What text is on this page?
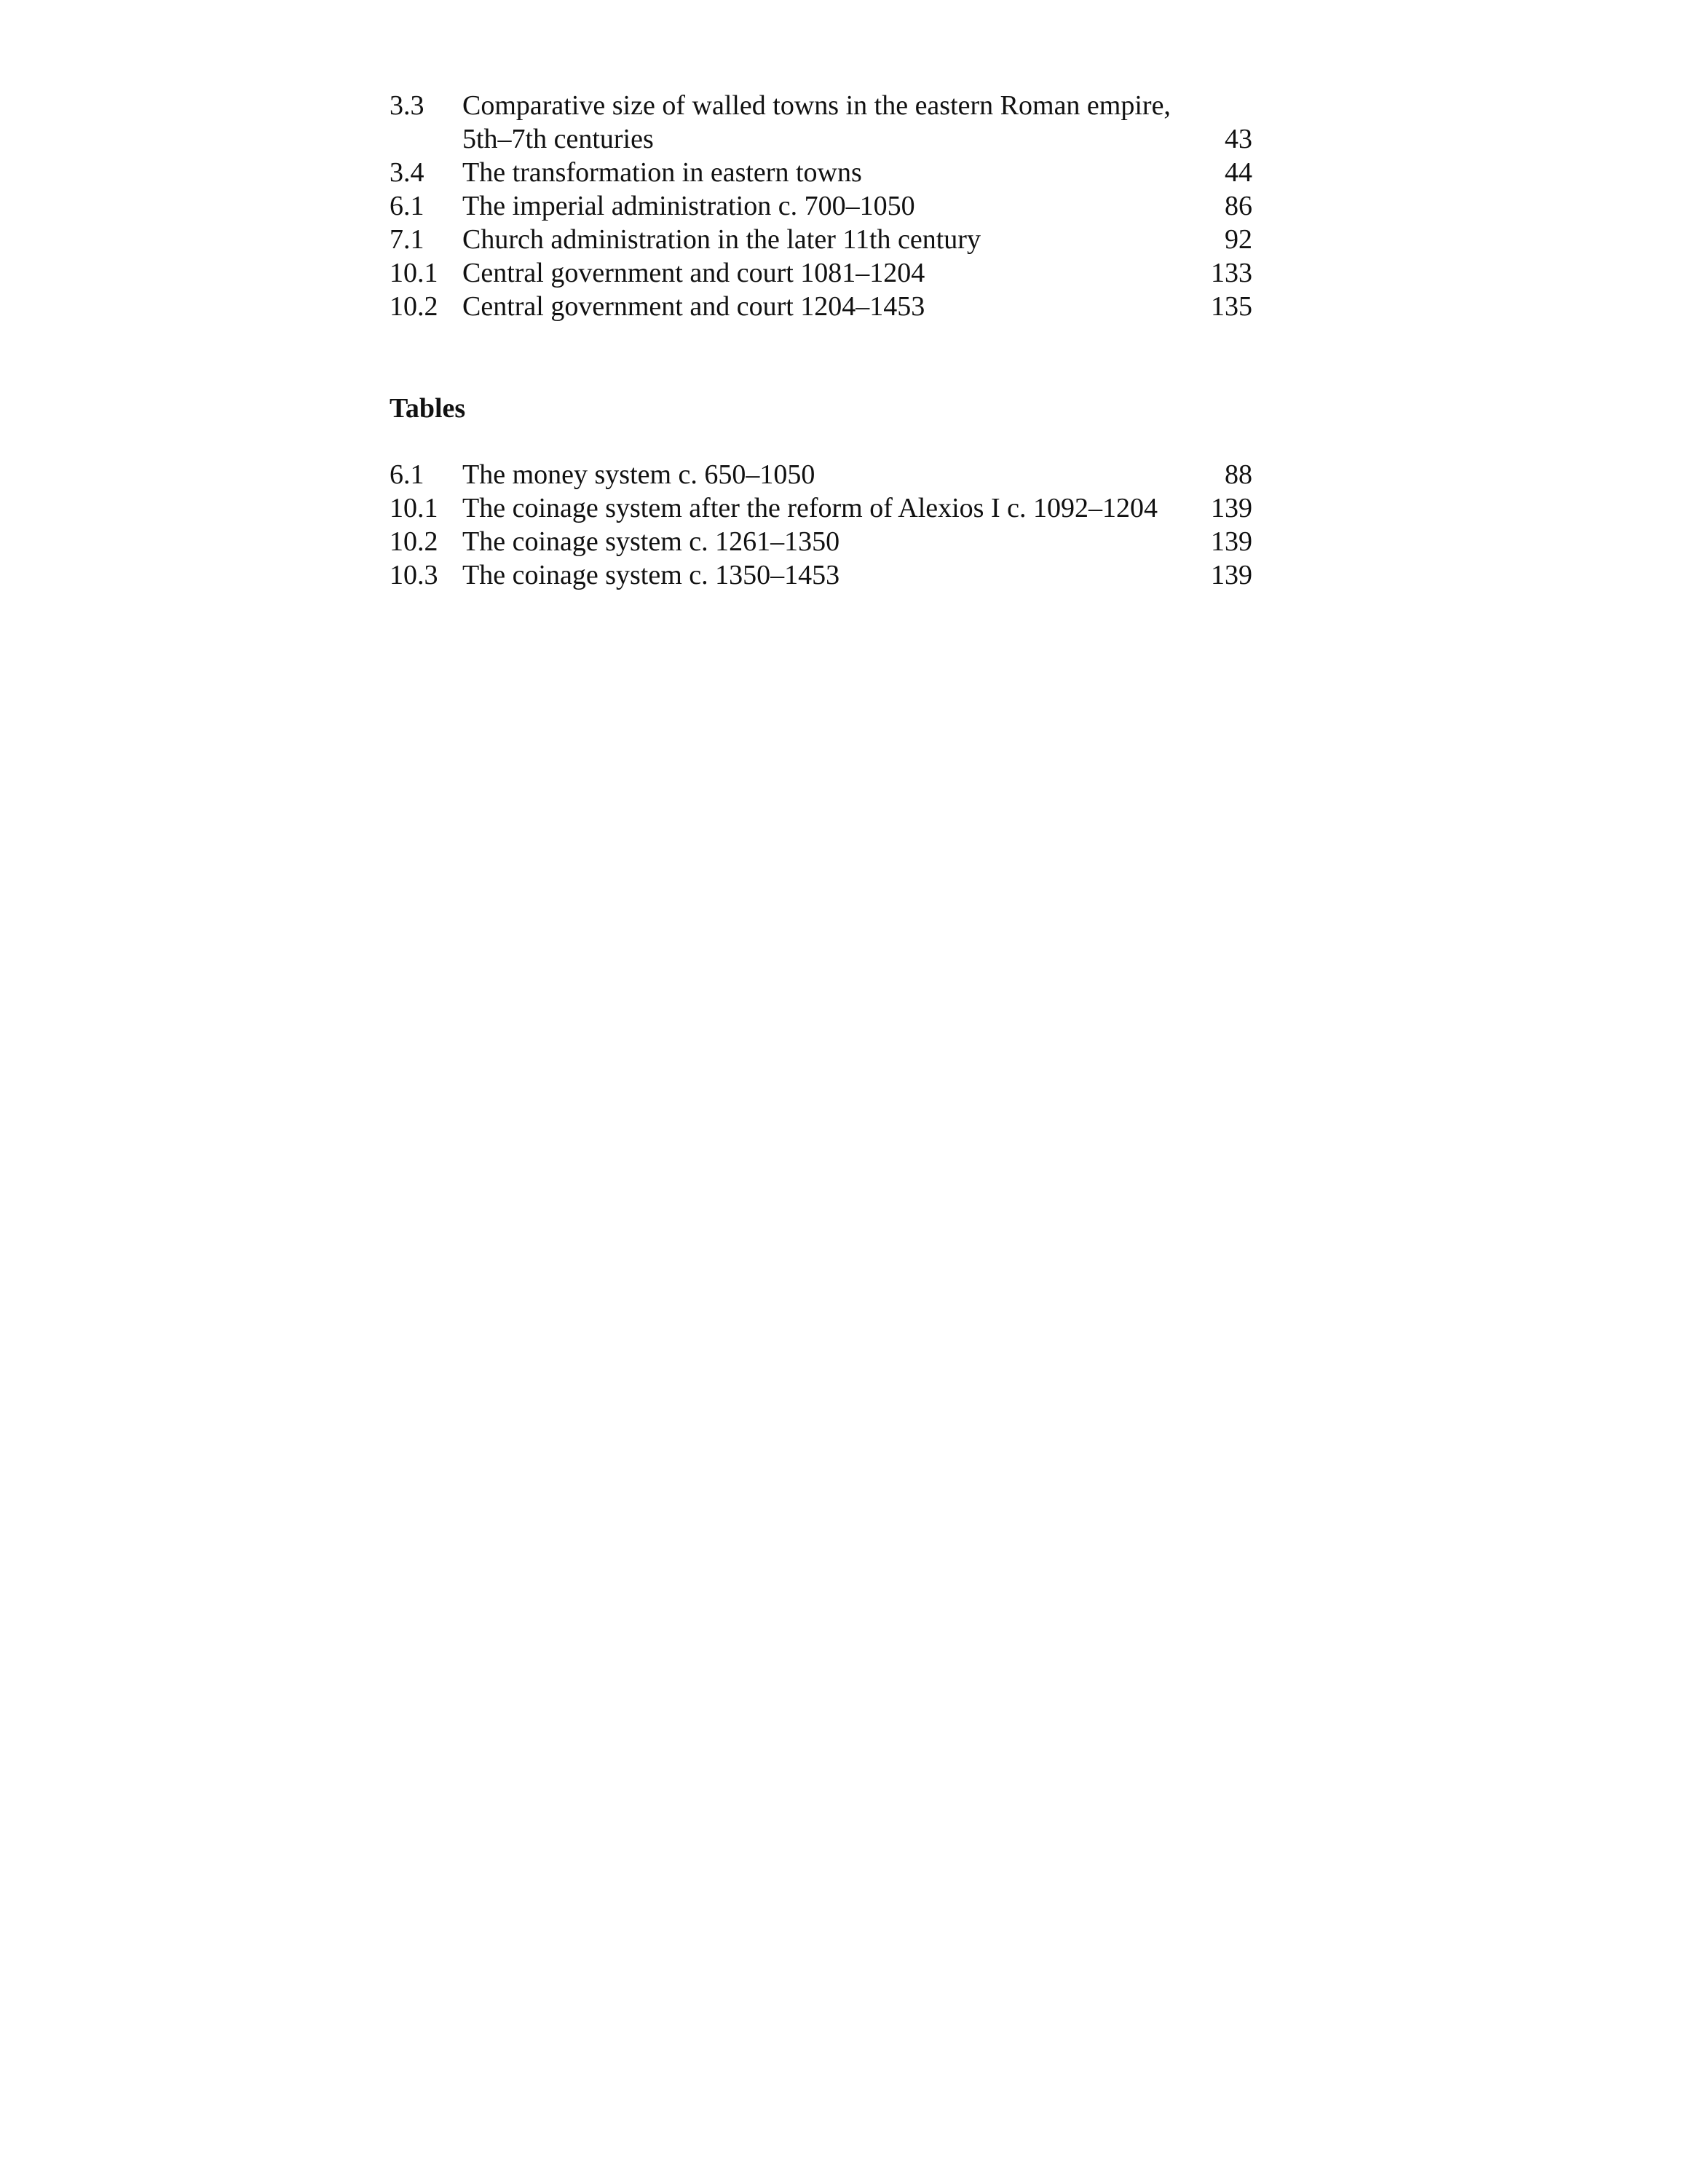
3.3	Comparative size of walled towns in the eastern Roman empire,
5th–7th centuries	43
3.4	The transformation in eastern towns	44
6.1	The imperial administration c. 700–1050	86
7.1	Church administration in the later 11th century	92
10.1 Central government and court 1081–1204	133
10.2 Central government and court 1204–1453	135
Tables
6.1	The money system c. 650–1050	88
10.1 The coinage system after the reform of Alexios I c. 1092–1204	139
10.2 The coinage system c. 1261–1350	139
10.3 The coinage system c. 1350–1453	139
